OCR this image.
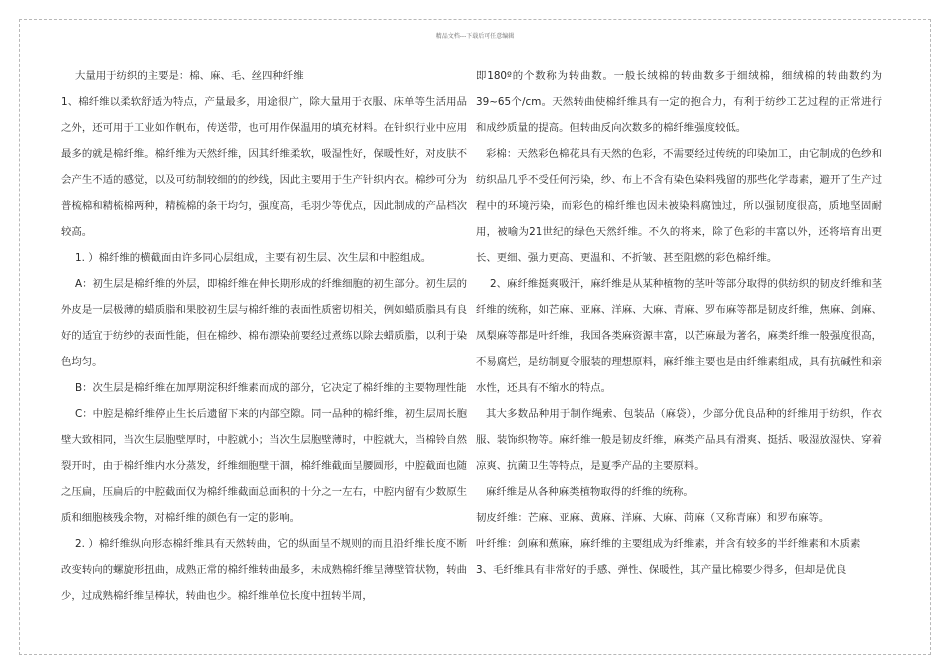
精品文档---下载后可任意编辑

大量用于纺织的主要是：棉、麻、毛、丝四种纤维

1、棉纤维以柔软舒适为特点，产量最多，用途很广，除大量用于衣服、床单等生活用品之外，还可用于工业如作帆布，传送带，也可用作保温用的填充材料。在针织行业中应用最多的就是棉纤维。棉纤维为天然纤维，因其纤维柔软，吸湿性好，保暖性好，对皮肤不会产生不适的感觉，以及可纺制较细的的纱线，因此主要用于生产针织内衣。棉纱可分为普梳棉和精梳棉两种，精梳棉的条干均匀，强度高，毛羽少等优点，因此制成的产品档次较高。

1. ）棉纤维的横截面由许多同心层组成，主要有初生层、次生层和中腔组成。

A：初生层是棉纤维的外层，即棉纤维在伸长期形成的纤维细胞的初生部分。初生层的外皮是一层极薄的蜡质脂和果胶初生层与棉纤维的表面性质密切相关，例如蜡质脂具有良好的适宜于纺纱的表面性能，但在棉纱、棉布漂染前要经过煮练以除去蜡质脂，以利于染色均匀。

B：次生层是棉纤维在加厚期淀积纤维素而成的部分，它决定了棉纤维的主要物理性能

C：中腔是棉纤维停止生长后遗留下来的内部空隙。同一品种的棉纤维，初生层周长胞壁大致相同，当次生层胞壁厚时，中腔就小；当次生层胞壁薄时，中腔就大，当棉铃自然裂开时，由于棉纤维内水分蒸发，纤维细胞壁干涸，棉纤维截面呈腰圆形，中腔截面也随之压扁，压扁后的中腔截面仅为棉纤维截面总面积的十分之一左右，中腔内留有少数原生质和细胞核残余物，对棉纤维的颜色有一定的影响。

2. ）棉纤维纵向形态棉纤维具有天然转曲，它的纵面呈不规则的而且沿纤维长度不断改变转向的螺旋形扭曲，成熟正常的棉纤维转曲最多，未成熟棉纤维呈薄壁管状物，转曲少，过成熟棉纤维呈棒状，转曲也少。棉纤维单位长度中扭转半周，

即180º的个数称为转曲数。一般长绒棉的转曲数多于细绒棉，细绒棉的转曲数约为39~65个/cm。天然转曲使棉纤维具有一定的抱合力，有利于纺纱工艺过程的正常进行和成纱质量的提高。但转曲反向次数多的棉纤维强度较低。

彩棉：天然彩色棉花具有天然的色彩，不需要经过传统的印染加工，由它制成的色纱和纺织品几乎不受任何污染，纱、布上不含有染色染料残留的那些化学毒素，避开了生产过程中的环境污染，而彩色的棉纤维也因未被染料腐蚀过，所以强韧度很高，质地坚固耐用，被喻为21世纪的绿色天然纤维。不久的将来，除了色彩的丰富以外，还将培育出更长、更细、强力更高、更温和、不折皱、甚至阻燃的彩色棉纤维。

2、麻纤维挺爽吸汗，麻纤维是从某种植物的茎叶等部分取得的供纺织的韧皮纤维和茎纤维的统称，如芒麻、亚麻、洋麻、大麻、青麻、罗布麻等都是韧皮纤维，焦麻、剑麻、凤梨麻等都是叶纤维，我国各类麻资源丰富，以芒麻最为著名，麻类纤维一般强度很高，不易腐烂，是纺制夏令服装的理想原料，麻纤维主要也是由纤维素组成，具有抗碱性和亲水性，还具有不缩水的特点。

其大多数品种用于制作绳索、包装品（麻袋），少部分优良品种的纤维用于纺织，作衣服、装饰织物等。麻纤维一般是韧皮纤维，麻类产品具有滑爽、挺括、吸湿放湿快、穿着凉爽、抗菌卫生等特点，是夏季产品的主要原料。

麻纤维是从各种麻类植物取得的纤维的统称。

韧皮纤维：芒麻、亚麻、黄麻、洋麻、大麻、苘麻（又称青麻）和罗布麻等。

叶纤维：剑麻和蕉麻，麻纤维的主要组成为纤维素，并含有较多的半纤维素和木质素

3、毛纤维具有非常好的手感、弹性、保暖性，其产量比棉要少得多，但却是优良
